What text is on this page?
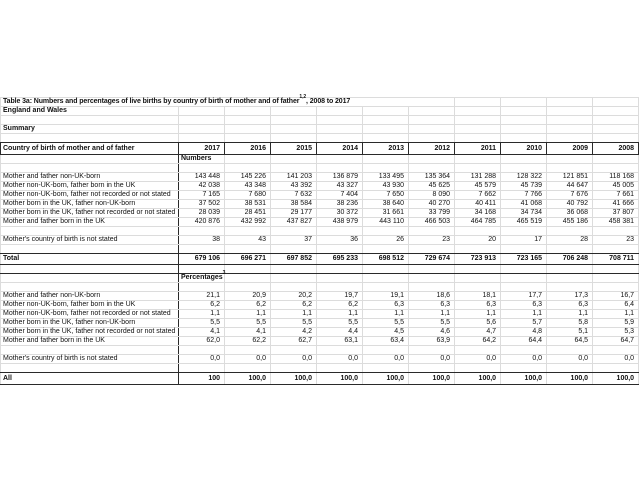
Table 3a: Numbers and percentages of live births by country of birth of mother and of father$^{1,2}$, 2008 to 2017										
England and Wales										

Summary										

Country of birth of mother and of father	2017	2016	2015	2014	2013	2012	2011	2010	2009	2008
	Numbers									

Mother and father non-UK-born	143 448	145 226	141 203	136 879	133 495	135 364	131 288	128 322	121 851	118 168
Mother non-UK-born, father born in the UK	42 038	43 348	43 392	43 327	43 930	45 625	45 579	45 739	44 647	45 005
Mother non-UK-born, father not recorded or not stated	7 165	7 680	7 632	7 404	7 650	8 090	7 662	7 766	7 676	7 661
Mother born in the UK, father non-UK-born	37 502	38 531	38 584	38 236	38 640	40 270	40 411	41 068	40 792	41 666
Mother born in the UK, father not recorded or not stated	28 039	28 451	29 177	30 372	31 661	33 799	34 168	34 734	36 068	37 807
Mother and father born in the UK	420 876	432 992	437 827	438 979	443 110	466 503	464 785	465 519	455 186	458 381

Mother's country of birth is not stated	38	43	37	36	26	23	20	17	28	23

Total	679 106	696 271	697 852	695 233	698 512	729 674	723 913	723 165	706 248	708 711

	Percentages$^3$									

Mother and father non-UK-born	21,1	20,9	20,2	19,7	19,1	18,6	18,1	17,7	17,3	16,7
Mother non-UK-born, father born in the UK	6,2	6,2	6,2	6,2	6,3	6,3	6,3	6,3	6,3	6,4
Mother non-UK-born, father not recorded or not stated	1,1	1,1	1,1	1,1	1,1	1,1	1,1	1,1	1,1	1,1
Mother born in the UK, father non-UK-born	5,5	5,5	5,5	5,5	5,5	5,5	5,6	5,7	5,8	5,9
Mother born in the UK, father not recorded or not stated	4,1	4,1	4,2	4,4	4,5	4,6	4,7	4,8	5,1	5,3
Mother and father born in the UK	62,0	62,2	62,7	63,1	63,4	63,9	64,2	64,4	64,5	64,7

Mother's country of birth is not stated	0,0	0,0	0,0	0,0	0,0	0,0	0,0	0,0	0,0	0,0

All	100	100,0	100,0	100,0	100,0	100,0	100,0	100,0	100,0	100,0
